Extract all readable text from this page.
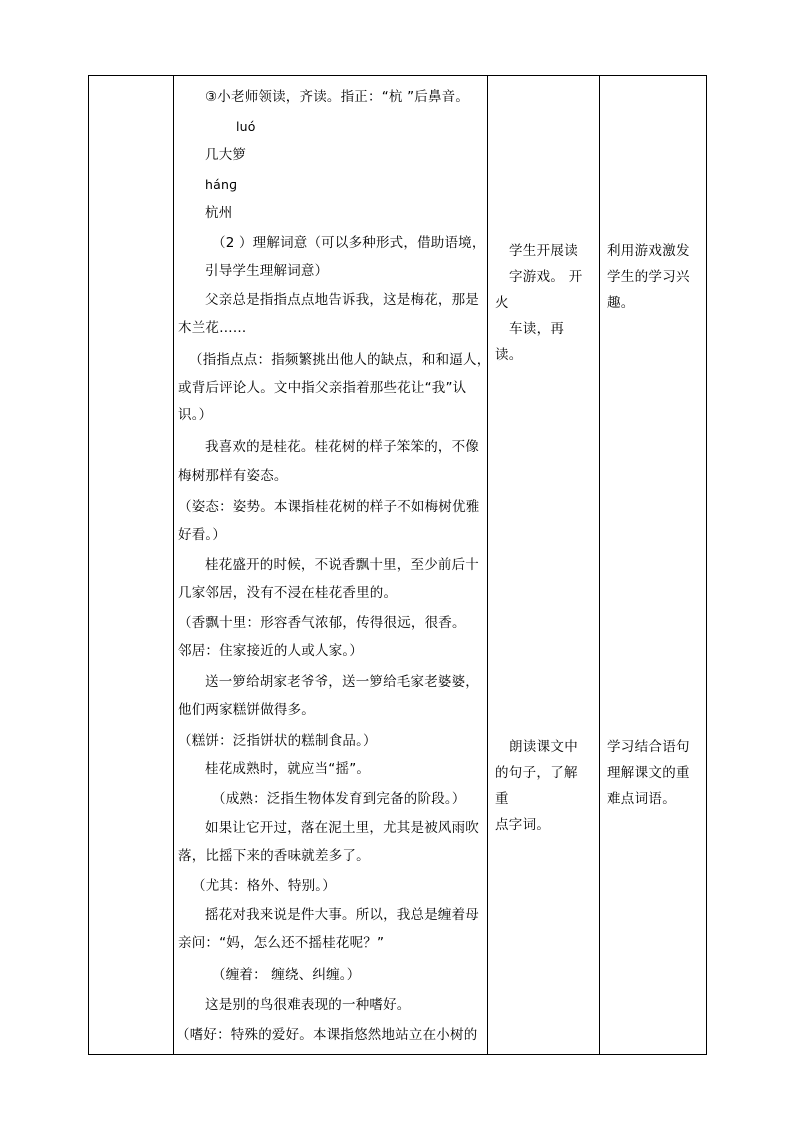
③小老师领读，齐读。指正：“杭 ”后鼻音。
luó
几大箩
hánɡ
杭州
（2 ）理解词意（可以多种形式，借助语境，
引导学生理解词意）
父亲总是指指点点地告诉我，这是梅花，那是
木兰花……
（指指点点：指频繁挑出他人的缺点，和和逼人，
或背后评论人。文中指父亲指着那些花让“我”认
识。）
我喜欢的是桂花。桂花树的样子笨笨的，不像
梅树那样有姿态。
（姿态：姿势。本课指桂花树的样子不如梅树优雅
好看。）
桂花盛开的时候，不说香飘十里，至少前后十
几家邻居，没有不浸在桂花香里的。
（香飘十里：形容香气浓郁，传得很远，很香。
邻居：住家接近的人或人家。）
送一箩给胡家老爷爷，送一箩给毛家老婆婆，
他们两家糕饼做得多。
（糕饼：泛指饼状的糕制食品。）
桂花成熟时，就应当“摇”。
（成熟：泛指生物体发育到完备的阶段。）
如果让它开过，落在泥土里，尤其是被风雨吹
落，比摇下来的香味就差多了。
（尤其：格外、特别。）
摇花对我来说是件大事。所以，我总是缠着母
亲问：“妈，怎么还不摇桂花呢？”
（缠着： 缠绕、纠缠。）
这是别的鸟很难表现的一种嗜好。
（嗜好：特殊的爱好。本课指悠然地站立在小树的
学生开展读
字游戏。 开火
车读，再读。
朗读课文中
的句子，了解重
点字词。
利用游戏激发
学生的学习兴
趣。
学习结合语句
理解课文的重
难点词语。
